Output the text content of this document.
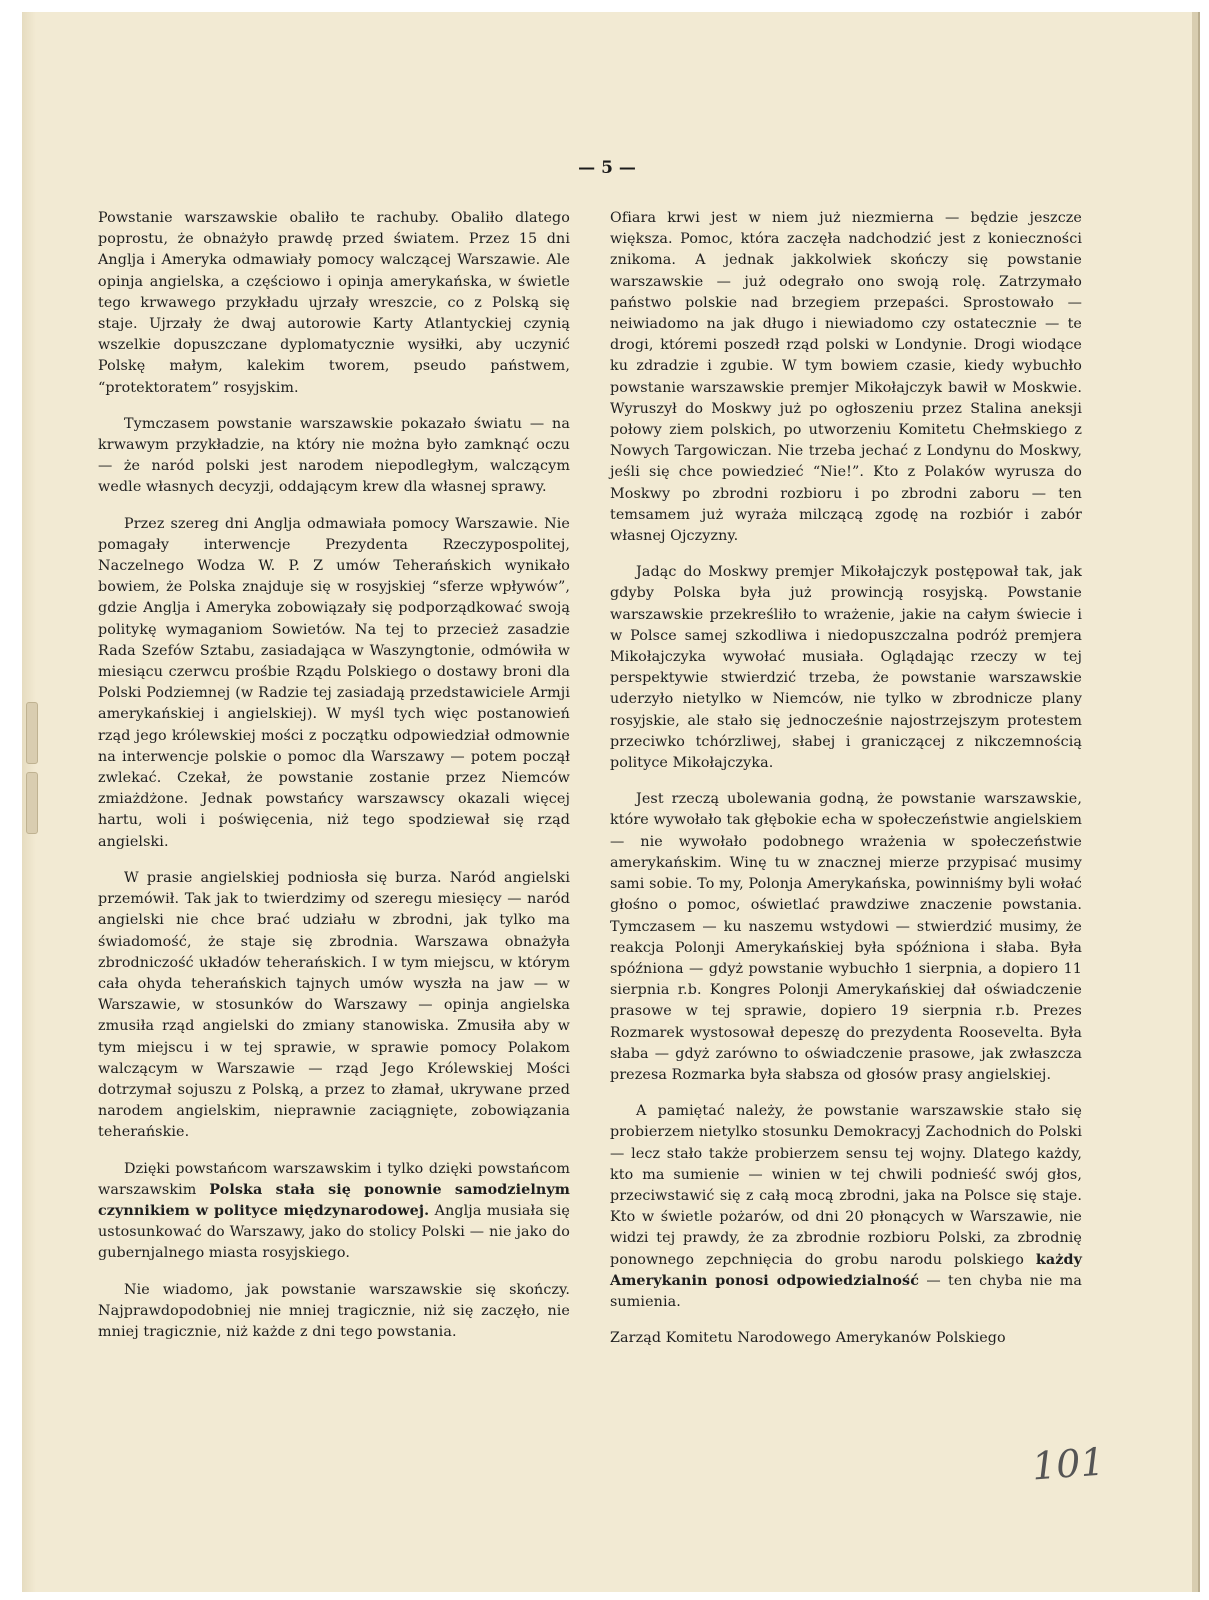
— 5 —

Powstanie warszawskie obaliło te rachuby. Obaliło dlatego poprostu, że obnażyło prawdę przed światem. Przez 15 dni Anglja i Ameryka odmawiały pomocy walczącej Warszawie. Ale opinja angielska, a częściowo i opinja amerykańska, w świetle tego krwawego przykładu ujrzały wreszcie, co z Polską się staje. Ujrzały że dwaj autorowie Karty Atlantyckiej czynią wszelkie dopuszczane dyplomatycznie wysiłki, aby uczynić Polskę małym, kalekim tworem, pseudo państwem, “protektoratem” rosyjskim.

Tymczasem powstanie warszawskie pokazało światu — na krwawym przykładzie, na który nie można było zamknąć oczu — że naród polski jest narodem niepodległym, walczącym wedle własnych decyzji, oddającym krew dla własnej sprawy.

Przez szereg dni Anglja odmawiała pomocy Warszawie. Nie pomagały interwencje Prezydenta Rzeczypospolitej, Naczelnego Wodza W. P. Z umów Teherańskich wynikało bowiem, że Polska znajduje się w rosyjskiej “sferze wpływów”, gdzie Anglja i Ameryka zobowiązały się podporządkować swoją politykę wymaganiom Sowietów. Na tej to przecież zasadzie Rada Szefów Sztabu, zasiadająca w Waszyngtonie, odmówiła w miesiącu czerwcu prośbie Rządu Polskiego o dostawy broni dla Polski Podziemnej (w Radzie tej zasiadają przedstawiciele Armji amerykańskiej i angielskiej). W myśl tych więc postanowień rząd jego królewskiej mości z początku odpowiedział odmownie na interwencje polskie o pomoc dla Warszawy — potem począł zwlekać. Czekał, że powstanie zostanie przez Niemców zmiażdżone. Jednak powstańcy warszawscy okazali więcej hartu, woli i poświęcenia, niż tego spodziewał się rząd angielski.

W prasie angielskiej podniosła się burza. Naród angielski przemówił. Tak jak to twierdzimy od szeregu miesięcy — naród angielski nie chce brać udziału w zbrodni, jak tylko ma świadomość, że staje się zbrodnia. Warszawa obnażyła zbrodniczość układów teherańskich. I w tym miejscu, w którym cała ohyda teherańskich tajnych umów wyszła na jaw — w Warszawie, w stosunków do Warszawy — opinja angielska zmusiła rząd angielski do zmiany stanowiska. Zmusiła aby w tym miejscu i w tej sprawie, w sprawie pomocy Polakom walczącym w Warszawie — rząd Jego Królewskiej Mości dotrzymał sojuszu z Polską, a przez to złamał, ukrywane przed narodem angielskim, nieprawnie zaciągnięte, zobowiązania teherańskie.

Dzięki powstańcom warszawskim i tylko dzięki powstańcom warszawskim Polska stała się ponownie samodzielnym czynnikiem w polityce międzynarodowej. Anglja musiała się ustosunkować do Warszawy, jako do stolicy Polski — nie jako do gubernjalnego miasta rosyjskiego.

Nie wiadomo, jak powstanie warszawskie się skończy. Najprawdopodobniej nie mniej tragicznie, niż się zaczęło, nie mniej tragicznie, niż każde z dni tego powstania.

Ofiara krwi jest w niem już niezmierna — będzie jeszcze większa. Pomoc, która zaczęła nadchodzić jest z konieczności znikoma. A jednak jakkolwiek skończy się powstanie warszawskie — już odegrało ono swoją rolę. Zatrzymało państwo polskie nad brzegiem przepaści. Sprostowało — neiwiadomo na jak długo i niewiadomo czy ostatecznie — te drogi, któremi poszedł rząd polski w Londynie. Drogi wiodące ku zdradzie i zgubie. W tym bowiem czasie, kiedy wybuchło powstanie warszawskie premjer Mikołajczyk bawił w Moskwie. Wyruszył do Moskwy już po ogłoszeniu przez Stalina aneksji połowy ziem polskich, po utworzeniu Komitetu Chełmskiego z Nowych Targowiczan. Nie trzeba jechać z Londynu do Moskwy, jeśli się chce powiedzieć “Nie!”. Kto z Polaków wyrusza do Moskwy po zbrodni rozbioru i po zbrodni zaboru — ten temsamem już wyraża milczącą zgodę na rozbiór i zabór własnej Ojczyzny.

Jadąc do Moskwy premjer Mikołajczyk postępował tak, jak gdyby Polska była już prowincją rosyjską. Powstanie warszawskie przekreśliło to wrażenie, jakie na całym świecie i w Polsce samej szkodliwa i niedopuszczalna podróż premjera Mikołajczyka wywołać musiała. Oglądając rzeczy w tej perspektywie stwierdzić trzeba, że powstanie warszawskie uderzyło nietylko w Niemców, nie tylko w zbrodnicze plany rosyjskie, ale stało się jednocześnie najostrzejszym protestem przeciwko tchórzliwej, słabej i graniczącej z nikczemnością polityce Mikołajczyka.

Jest rzeczą ubolewania godną, że powstanie warszawskie, które wywołało tak głębokie echa w społeczeństwie angielskiem — nie wywołało podobnego wrażenia w społeczeństwie amerykańskim. Winę tu w znacznej mierze przypisać musimy sami sobie. To my, Polonja Amerykańska, powinniśmy byli wołać głośno o pomoc, oświetlać prawdziwe znaczenie powstania. Tymczasem — ku naszemu wstydowi — stwierdzić musimy, że reakcja Polonji Amerykańskiej była spóźniona i słaba. Była spóźniona — gdyż powstanie wybuchło 1 sierpnia, a dopiero 11 sierpnia r.b. Kongres Polonji Amerykańskiej dał oświadczenie prasowe w tej sprawie, dopiero 19 sierpnia r.b. Prezes Rozmarek wystosował depeszę do prezydenta Roosevelta. Była słaba — gdyż zarówno to oświadczenie prasowe, jak zwłaszcza prezesa Rozmarka była słabsza od głosów prasy angielskiej.

A pamiętać należy, że powstanie warszawskie stało się probierzem nietylko stosunku Demokracyj Zachodnich do Polski — lecz stało także probierzem sensu tej wojny. Dlatego każdy, kto ma sumienie — winien w tej chwili podnieść swój głos, przeciwstawić się z całą mocą zbrodni, jaka na Polsce się staje. Kto w świetle pożarów, od dni 20 płonących w Warszawie, nie widzi tej prawdy, że za zbrodnie rozbioru Polski, za zbrodnię ponownego zepchnięcia do grobu narodu polskiego każdy Amerykanin ponosi odpowiedzialność — ten chyba nie ma sumienia.

Zarząd Komitetu Narodowego Amerykanów Polskiego

101
